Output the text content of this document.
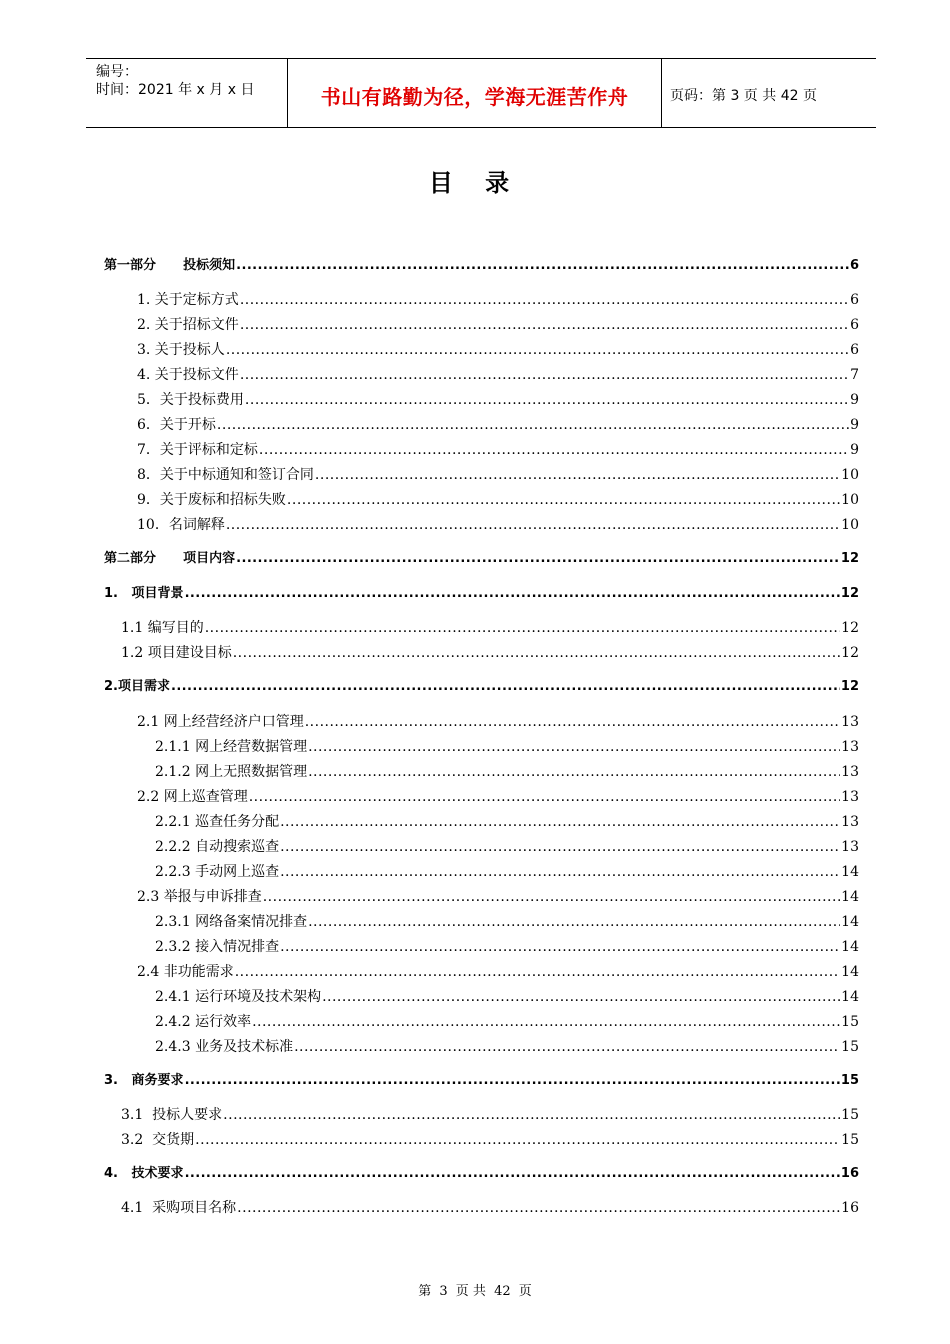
编号：
时间：2021 年 x 月 x 日	书山有路勤为径，学海无涯苦作舟	页码：第 3 页 共 42 页
目 录
第一部分      投标须知 .....	6
1. 关于定标方式 .....	6
2. 关于招标文件 .....	6
3. 关于投标人 .....	6
4. 关于投标文件 .....	7
5．关于投标费用 .....	9
6．关于开标 .....	9
7．关于评标和定标 .....	9
8．关于中标通知和签订合同 .....	10
9．关于废标和招标失败 .....	10
10．名词解释 .....	10
第二部分      项目内容 .....	12
1.   项目背景 .....	12
1.1 编写目的 .....	12
1.2 项目建设目标 .....	12
2.项目需求 .....	12
2.1 网上经营经济户口管理 .....	13
2.1.1 网上经营数据管理 .....	13
2.1.2 网上无照数据管理 .....	13
2.2 网上巡查管理 .....	13
2.2.1 巡查任务分配 .....	13
2.2.2 自动搜索巡查 .....	13
2.2.3 手动网上巡查 .....	14
2.3 举报与申诉排查 .....	14
2.3.1 网络备案情况排查 .....	14
2.3.2 接入情况排查 .....	14
2.4 非功能需求 .....	14
2.4.1 运行环境及技术架构 .....	14
2.4.2 运行效率 .....	15
2.4.3 业务及技术标准 .....	15
3.   商务要求 .....	15
3.1  投标人要求 .....	15
3.2  交货期 .....	15
4.   技术要求 .....	16
4.1  采购项目名称 .....	16
第 3 页 共 42 页
